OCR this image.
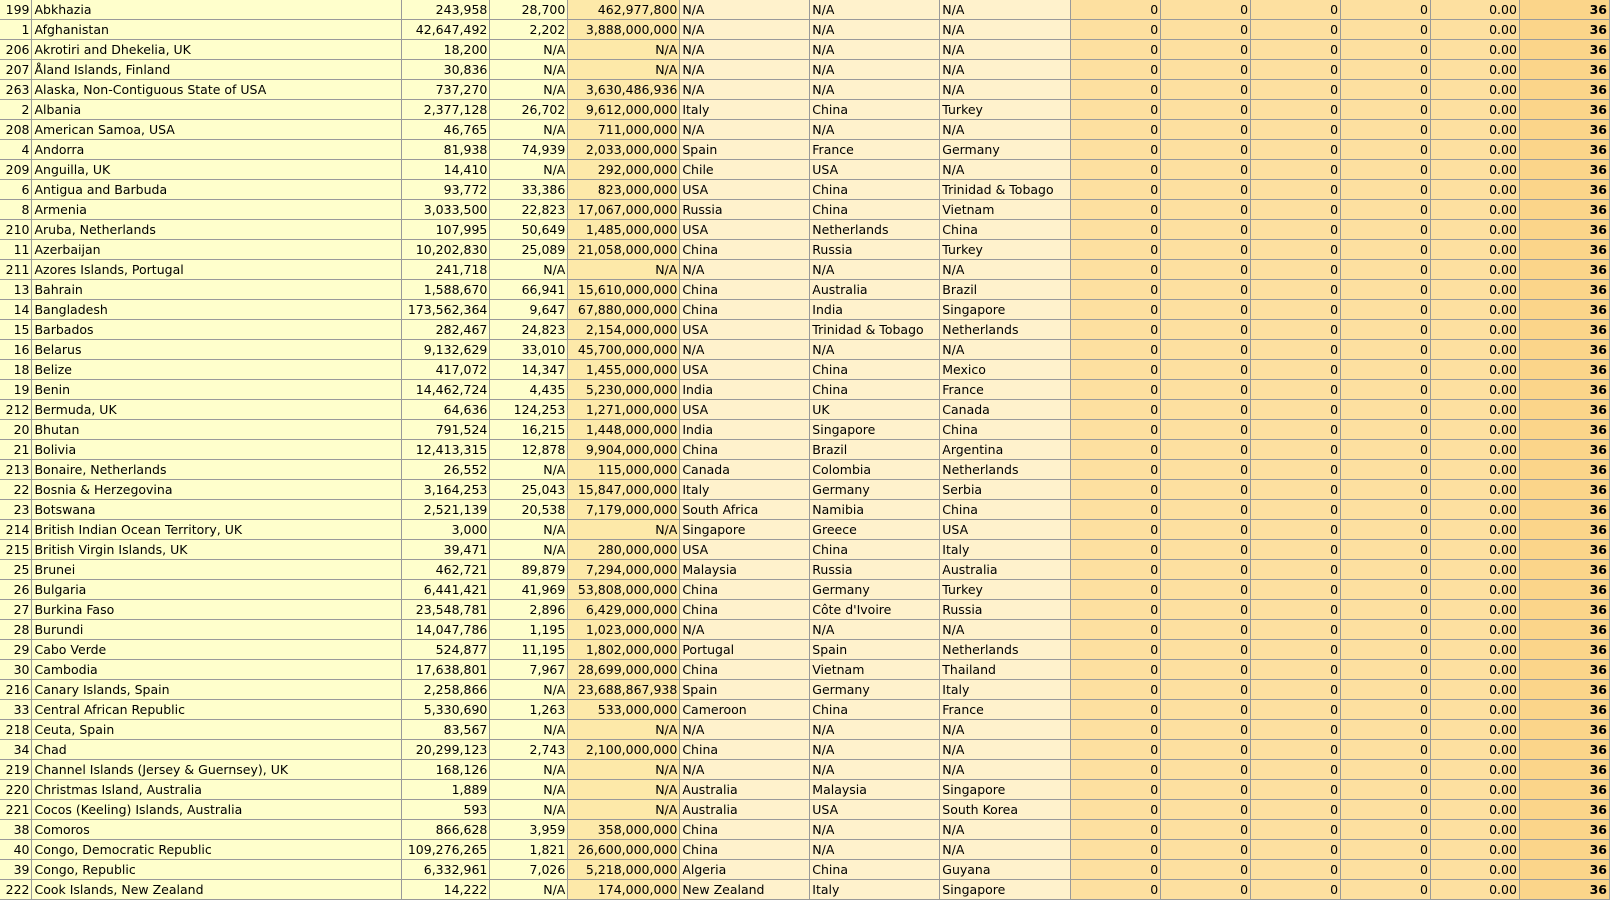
199	Abkhazia	243,958	28,700	462,977,800	N/A	N/A	N/A	0	0	0	0	0.00	36
1	Afghanistan	42,647,492	2,202	3,888,000,000	N/A	N/A	N/A	0	0	0	0	0.00	36
206	Akrotiri and Dhekelia, UK	18,200	N/A	N/A	N/A	N/A	N/A	0	0	0	0	0.00	36
207	Åland Islands, Finland	30,836	N/A	N/A	N/A	N/A	N/A	0	0	0	0	0.00	36
263	Alaska, Non-Contiguous State of USA	737,270	N/A	3,630,486,936	N/A	N/A	N/A	0	0	0	0	0.00	36
2	Albania	2,377,128	26,702	9,612,000,000	Italy	China	Turkey	0	0	0	0	0.00	36
208	American Samoa, USA	46,765	N/A	711,000,000	N/A	N/A	N/A	0	0	0	0	0.00	36
4	Andorra	81,938	74,939	2,033,000,000	Spain	France	Germany	0	0	0	0	0.00	36
209	Anguilla, UK	14,410	N/A	292,000,000	Chile	USA	N/A	0	0	0	0	0.00	36
6	Antigua and Barbuda	93,772	33,386	823,000,000	USA	China	Trinidad & Tobago	0	0	0	0	0.00	36
8	Armenia	3,033,500	22,823	17,067,000,000	Russia	China	Vietnam	0	0	0	0	0.00	36
210	Aruba, Netherlands	107,995	50,649	1,485,000,000	USA	Netherlands	China	0	0	0	0	0.00	36
11	Azerbaijan	10,202,830	25,089	21,058,000,000	China	Russia	Turkey	0	0	0	0	0.00	36
211	Azores Islands, Portugal	241,718	N/A	N/A	N/A	N/A	N/A	0	0	0	0	0.00	36
13	Bahrain	1,588,670	66,941	15,610,000,000	China	Australia	Brazil	0	0	0	0	0.00	36
14	Bangladesh	173,562,364	9,647	67,880,000,000	China	India	Singapore	0	0	0	0	0.00	36
15	Barbados	282,467	24,823	2,154,000,000	USA	Trinidad & Tobago	Netherlands	0	0	0	0	0.00	36
16	Belarus	9,132,629	33,010	45,700,000,000	N/A	N/A	N/A	0	0	0	0	0.00	36
18	Belize	417,072	14,347	1,455,000,000	USA	China	Mexico	0	0	0	0	0.00	36
19	Benin	14,462,724	4,435	5,230,000,000	India	China	France	0	0	0	0	0.00	36
212	Bermuda, UK	64,636	124,253	1,271,000,000	USA	UK	Canada	0	0	0	0	0.00	36
20	Bhutan	791,524	16,215	1,448,000,000	India	Singapore	China	0	0	0	0	0.00	36
21	Bolivia	12,413,315	12,878	9,904,000,000	China	Brazil	Argentina	0	0	0	0	0.00	36
213	Bonaire, Netherlands	26,552	N/A	115,000,000	Canada	Colombia	Netherlands	0	0	0	0	0.00	36
22	Bosnia & Herzegovina	3,164,253	25,043	15,847,000,000	Italy	Germany	Serbia	0	0	0	0	0.00	36
23	Botswana	2,521,139	20,538	7,179,000,000	South Africa	Namibia	China	0	0	0	0	0.00	36
214	British Indian Ocean Territory, UK	3,000	N/A	N/A	Singapore	Greece	USA	0	0	0	0	0.00	36
215	British Virgin Islands, UK	39,471	N/A	280,000,000	USA	China	Italy	0	0	0	0	0.00	36
25	Brunei	462,721	89,879	7,294,000,000	Malaysia	Russia	Australia	0	0	0	0	0.00	36
26	Bulgaria	6,441,421	41,969	53,808,000,000	China	Germany	Turkey	0	0	0	0	0.00	36
27	Burkina Faso	23,548,781	2,896	6,429,000,000	China	Côte d'Ivoire	Russia	0	0	0	0	0.00	36
28	Burundi	14,047,786	1,195	1,023,000,000	N/A	N/A	N/A	0	0	0	0	0.00	36
29	Cabo Verde	524,877	11,195	1,802,000,000	Portugal	Spain	Netherlands	0	0	0	0	0.00	36
30	Cambodia	17,638,801	7,967	28,699,000,000	China	Vietnam	Thailand	0	0	0	0	0.00	36
216	Canary Islands, Spain	2,258,866	N/A	23,688,867,938	Spain	Germany	Italy	0	0	0	0	0.00	36
33	Central African Republic	5,330,690	1,263	533,000,000	Cameroon	China	France	0	0	0	0	0.00	36
218	Ceuta, Spain	83,567	N/A	N/A	N/A	N/A	N/A	0	0	0	0	0.00	36
34	Chad	20,299,123	2,743	2,100,000,000	China	N/A	N/A	0	0	0	0	0.00	36
219	Channel Islands (Jersey & Guernsey), UK	168,126	N/A	N/A	N/A	N/A	N/A	0	0	0	0	0.00	36
220	Christmas Island, Australia	1,889	N/A	N/A	Australia	Malaysia	Singapore	0	0	0	0	0.00	36
221	Cocos (Keeling) Islands, Australia	593	N/A	N/A	Australia	USA	South Korea	0	0	0	0	0.00	36
38	Comoros	866,628	3,959	358,000,000	China	N/A	N/A	0	0	0	0	0.00	36
40	Congo, Democratic Republic	109,276,265	1,821	26,600,000,000	China	N/A	N/A	0	0	0	0	0.00	36
39	Congo, Republic	6,332,961	7,026	5,218,000,000	Algeria	China	Guyana	0	0	0	0	0.00	36
222	Cook Islands, New Zealand	14,222	N/A	174,000,000	New Zealand	Italy	Singapore	0	0	0	0	0.00	36
